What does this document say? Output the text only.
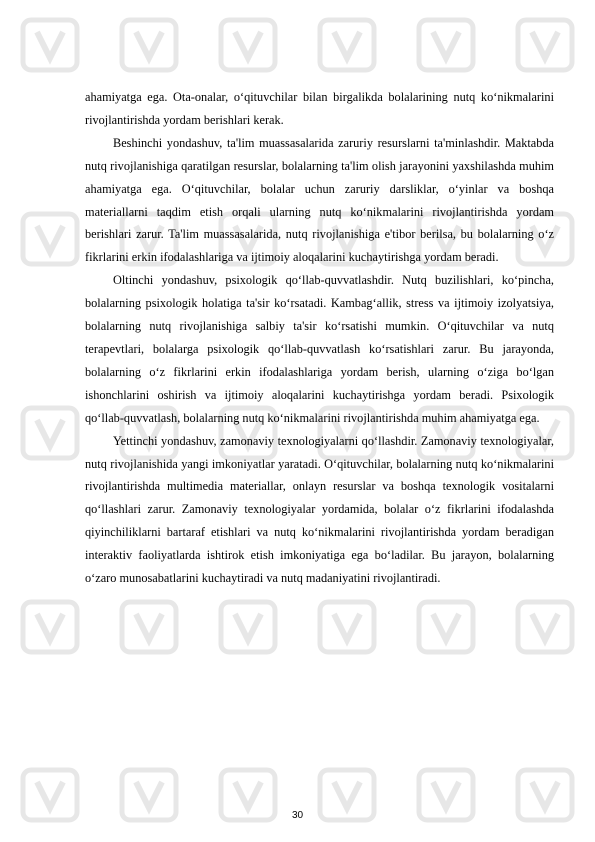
ahamiyatga ega. Ota-onalar, o‘qituvchilar bilan birgalikda bolalarining nutq ko‘nikmalarini rivojlantirishda yordam berishlari kerak.

Beshinchi yondashuv, ta'lim muassasalarida zaruriy resurslarni ta'minlashdir. Maktabda nutq rivojlanishiga qaratilgan resurslar, bolalarning ta'lim olish jarayonini yaxshilashda muhim ahamiyatga ega. O‘qituvchilar, bolalar uchun zaruriy darsliklar, o‘yinlar va boshqa materiallarni taqdim etish orqali ularning nutq ko‘nikmalarini rivojlantirishda yordam berishlari zarur. Ta'lim muassasalarida, nutq rivojlanishiga e'tibor berilsa, bu bolalarning o‘z fikrlarini erkin ifodalashlariga va ijtimoiy aloqalarini kuchaytirishga yordam beradi.

Oltinchi yondashuv, psixologik qo‘llab-quvvatlashdir. Nutq buzilishlari, ko‘pincha, bolalarning psixologik holatiga ta'sir ko‘rsatadi. Kambag‘allik, stress va ijtimoiy izolyatsiya, bolalarning nutq rivojlanishiga salbiy ta'sir ko‘rsatishi mumkin. O‘qituvchilar va nutq terapevtlari, bolalarga psixologik qo‘llab-quvvatlash ko‘rsatishlari zarur. Bu jarayonda, bolalarning o‘z fikrlarini erkin ifodalashlariga yordam berish, ularning o‘ziga bo‘lgan ishonchlarini oshirish va ijtimoiy aloqalarini kuchaytirishga yordam beradi. Psixologik qo‘llab-quvvatlash, bolalarning nutq ko‘nikmalarini rivojlantirishda muhim ahamiyatga ega.

Yettinchi yondashuv, zamonaviy texnologiyalarni qo‘llashdir. Zamonaviy texnologiyalar, nutq rivojlanishida yangi imkoniyatlar yaratadi. O‘qituvchilar, bolalarning nutq ko‘nikmalarini rivojlantirishda multimedia materiallar, onlayn resurslar va boshqa texnologik vositalarni qo‘llashlari zarur. Zamonaviy texnologiyalar yordamida, bolalar o‘z fikrlarini ifodalashda qiyinchiliklarni bartaraf etishlari va nutq ko‘nikmalarini rivojlantirishda yordam beradigan interaktiv faoliyatlarda ishtirok etish imkoniyatiga ega bo‘ladilar. Bu jarayon, bolalarning o‘zaro munosabatlarini kuchaytiradi va nutq madaniyatini rivojlantiradi.

30
